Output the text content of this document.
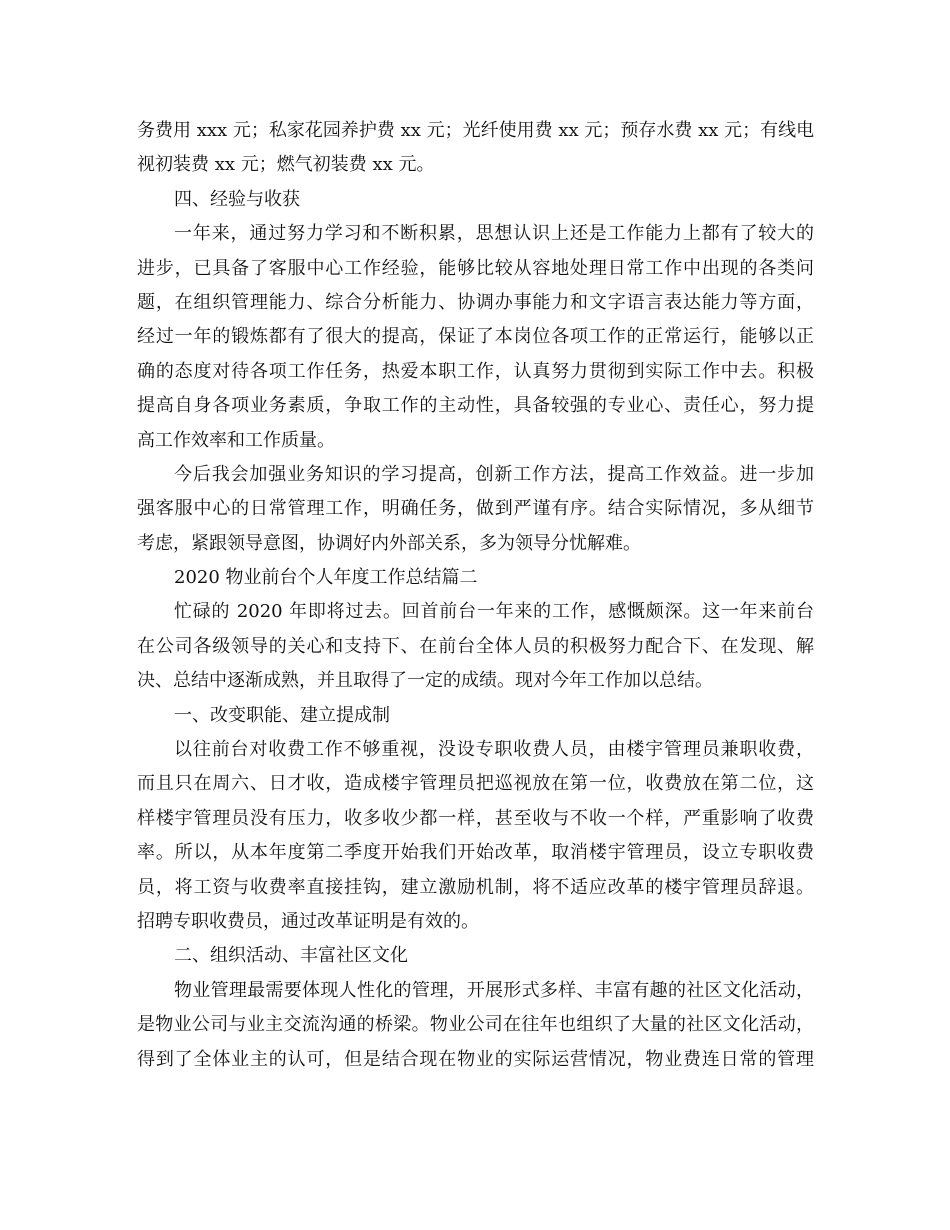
务费用 xxx 元；私家花园养护费 xx 元；光纤使用费 xx 元；预存水费 xx 元；有线电
视初装费 xx 元；燃气初装费 xx 元。
四、经验与收获
一年来，通过努力学习和不断积累，思想认识上还是工作能力上都有了较大的
进步，已具备了客服中心工作经验，能够比较从容地处理日常工作中出现的各类问
题，在组织管理能力、综合分析能力、协调办事能力和文字语言表达能力等方面，
经过一年的锻炼都有了很大的提高，保证了本岗位各项工作的正常运行，能够以正
确的态度对待各项工作任务，热爱本职工作，认真努力贯彻到实际工作中去。积极
提高自身各项业务素质，争取工作的主动性，具备较强的专业心、责任心，努力提
高工作效率和工作质量。
今后我会加强业务知识的学习提高，创新工作方法，提高工作效益。进一步加
强客服中心的日常管理工作，明确任务，做到严谨有序。结合实际情况，多从细节
考虑，紧跟领导意图，协调好内外部关系，多为领导分忧解难。
2020 物业前台个人年度工作总结篇二
忙碌的 2020 年即将过去。回首前台一年来的工作，感慨颇深。这一年来前台
在公司各级领导的关心和支持下、在前台全体人员的积极努力配合下、在发现、解
决、总结中逐渐成熟，并且取得了一定的成绩。现对今年工作加以总结。
一、改变职能、建立提成制
以往前台对收费工作不够重视，没设专职收费人员，由楼宇管理员兼职收费，
而且只在周六、日才收，造成楼宇管理员把巡视放在第一位，收费放在第二位，这
样楼宇管理员没有压力，收多收少都一样，甚至收与不收一个样，严重影响了收费
率。所以，从本年度第二季度开始我们开始改革，取消楼宇管理员，设立专职收费
员，将工资与收费率直接挂钩，建立激励机制，将不适应改革的楼宇管理员辞退。
招聘专职收费员，通过改革证明是有效的。
二、组织活动、丰富社区文化
物业管理最需要体现人性化的管理，开展形式多样、丰富有趣的社区文化活动，
是物业公司与业主交流沟通的桥梁。物业公司在往年也组织了大量的社区文化活动，
得到了全体业主的认可，但是结合现在物业的实际运营情况，物业费连日常的管理
